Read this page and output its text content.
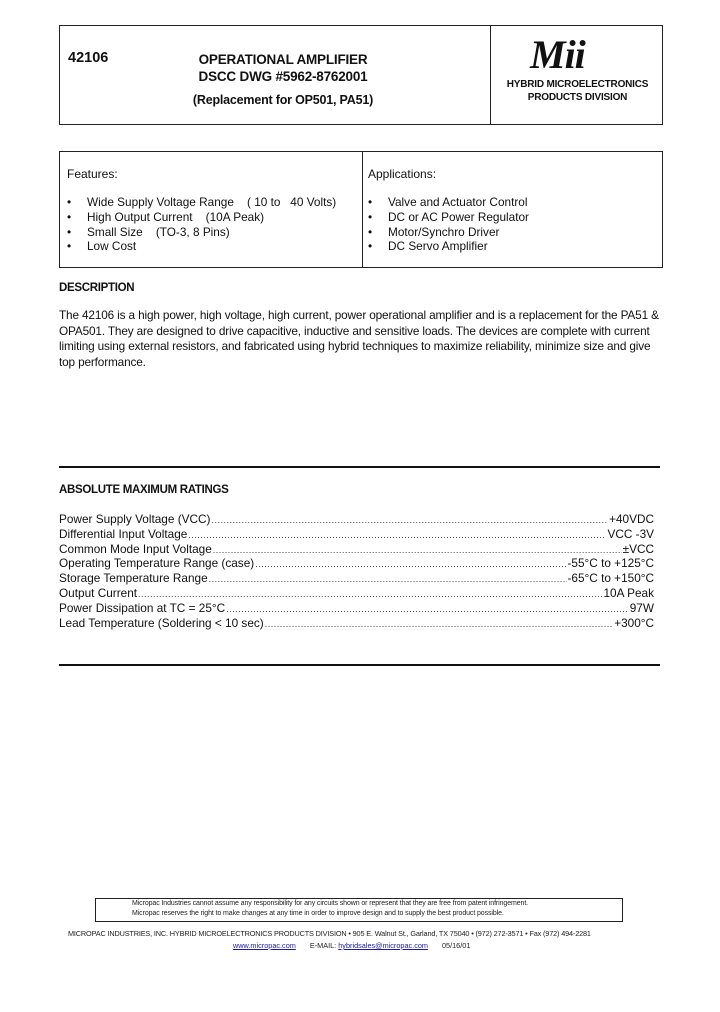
42106	OPERATIONAL AMPLIFIER
DSCC DWG #5962-8762001
(Replacement for OP501, PA51)
Mii
HYBRID MICROELECTRONICS
PRODUCTS DIVISION
Features:
• Wide Supply Voltage Range    ( 10 to   40 Volts)
• High Output Current    (10A Peak)
• Small Size    (TO-3, 8 Pins)
• Low Cost
Applications:
• Valve and Actuator Control
• DC or AC Power Regulator
• Motor/Synchro Driver
• DC Servo Amplifier
DESCRIPTION

The 42106 is a high power, high voltage, high current, power operational amplifier and is a replacement for the PA51 & OPA501. They are designed to drive capacitive, inductive and sensitive loads. The devices are complete with current limiting using external resistors, and fabricated using hybrid techniques to maximize reliability, minimize size and give top performance.

ABSOLUTE MAXIMUM RATINGS
Power Supply Voltage (VCC) .....	+40VDC
Differential Input Voltage .....	VCC -3V
Common Mode Input Voltage .....	±VCC
Operating Temperature Range (case) .....	-55°C to +125°C
Storage Temperature Range .....	-65°C to +150°C
Output Current .....	10A Peak
Power Dissipation at TC = 25°C .....	97W
Lead Temperature (Soldering < 10 sec) .....	+300°C
Micropac Industries cannot assume any responsibility for any circuits shown or represent that they are free from patent infringement.
Micropac reserves the right to make changes at any time in order to improve design and to supply the best product possible.
MICROPAC INDUSTRIES, INC. HYBRID MICROELECTRONICS PRODUCTS DIVISION • 905 E. Walnut St., Garland, TX 75040 • (972) 272-3571 • Fax (972) 494-2281
www.micropac.com E-MAIL: hybridsales@micropac.com 05/16/01
